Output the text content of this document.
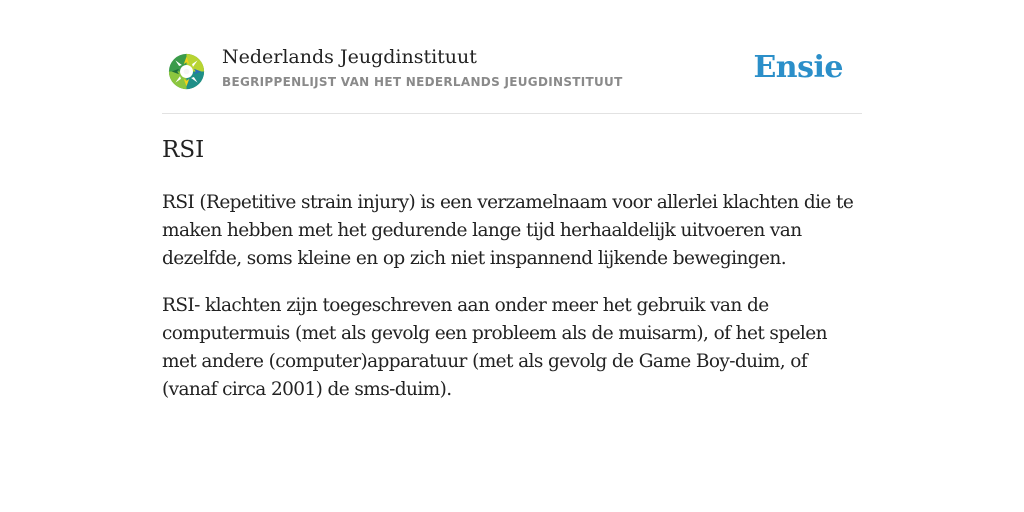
Nederlands Jeugdinstituut
BEGRIPPENLIJST VAN HET NEDERLANDS JEUGDINSTITUUT	Ensie
RSI

RSI (Repetitive strain injury) is een verzamelnaam voor allerlei klachten die te maken hebben met het gedurende lange tijd herhaaldelijk uitvoeren van dezelfde, soms kleine en op zich niet inspannend lijkende bewegingen.

RSI- klachten zijn toegeschreven aan onder meer het gebruik van de computermuis (met als gevolg een probleem als de muisarm), of het spelen met andere (computer)apparatuur (met als gevolg de Game Boy-duim, of (vanaf circa 2001) de sms-duim).
